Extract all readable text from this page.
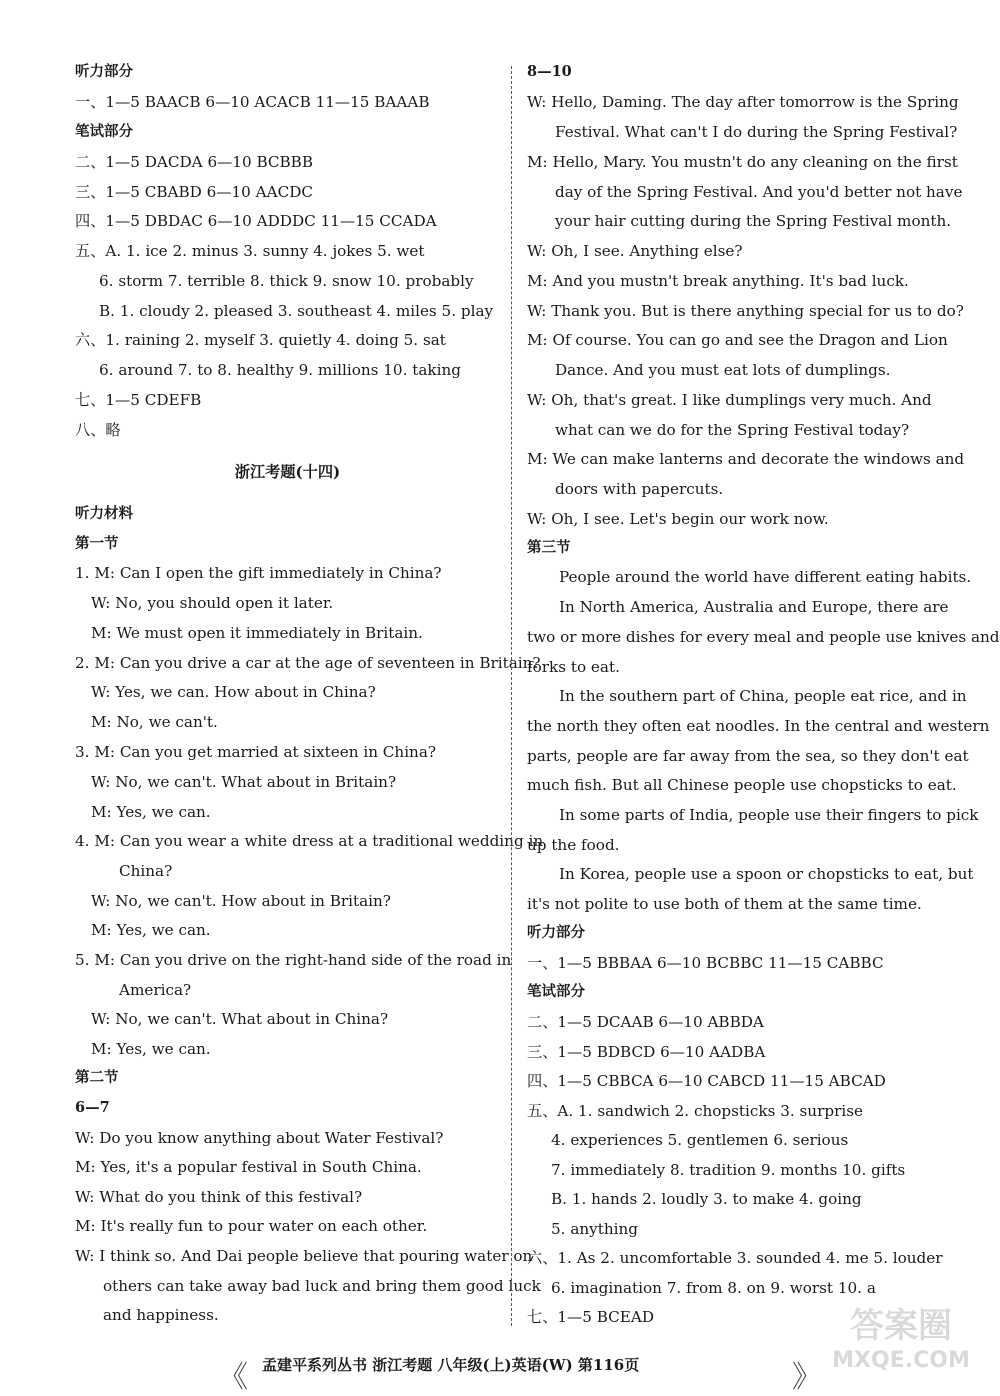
听力部分
一、1—5 BAACB 6—10 ACACB 11—15 BAAAB
笔试部分
二、1—5 DACDA 6—10 BCBBB
三、1—5 CBABD 6—10 AACDC
四、1—5 DBDAC 6—10 ADDDC 11—15 CCADA
五、A. 1. ice 2. minus 3. sunny 4. jokes 5. wet
6. storm 7. terrible 8. thick 9. snow 10. probably
B. 1. cloudy 2. pleased 3. southeast 4. miles 5. play
六、1. raining 2. myself 3. quietly 4. doing 5. sat
6. around 7. to 8. healthy 9. millions 10. taking
七、1—5 CDEFB
八、略
浙江考题(十四)
听力材料
第一节
1. M: Can I open the gift immediately in China?
W: No, you should open it later.
M: We must open it immediately in Britain.
2. M: Can you drive a car at the age of seventeen in Britain?
W: Yes, we can. How about in China?
M: No, we can't.
3. M: Can you get married at sixteen in China?
W: No, we can't. What about in Britain?
M: Yes, we can.
4. M: Can you wear a white dress at a traditional wedding in
China?
W: No, we can't. How about in Britain?
M: Yes, we can.
5. M: Can you drive on the right-hand side of the road in
America?
W: No, we can't. What about in China?
M: Yes, we can.
第二节
6—7
W: Do you know anything about Water Festival?
M: Yes, it's a popular festival in South China.
W: What do you think of this festival?
M: It's really fun to pour water on each other.
W: I think so. And Dai people believe that pouring water on
others can take away bad luck and bring them good luck
and happiness.
8—10
W: Hello, Daming. The day after tomorrow is the Spring
Festival. What can't I do during the Spring Festival?
M: Hello, Mary. You mustn't do any cleaning on the first
day of the Spring Festival. And you'd better not have
your hair cutting during the Spring Festival month.
W: Oh, I see. Anything else?
M: And you mustn't break anything. It's bad luck.
W: Thank you. But is there anything special for us to do?
M: Of course. You can go and see the Dragon and Lion
Dance. And you must eat lots of dumplings.
W: Oh, that's great. I like dumplings very much. And
what can we do for the Spring Festival today?
M: We can make lanterns and decorate the windows and
doors with papercuts.
W: Oh, I see. Let's begin our work now.
第三节
People around the world have different eating habits.
In North America, Australia and Europe, there are
two or more dishes for every meal and people use knives and
forks to eat.
In the southern part of China, people eat rice, and in
the north they often eat noodles. In the central and western
parts, people are far away from the sea, so they don't eat
much fish. But all Chinese people use chopsticks to eat.
In some parts of India, people use their fingers to pick
up the food.
In Korea, people use a spoon or chopsticks to eat, but
it's not polite to use both of them at the same time.
听力部分
一、1—5 BBBAA 6—10 BCBBC 11—15 CABBC
笔试部分
二、1—5 DCAAB 6—10 ABBDA
三、1—5 BDBCD 6—10 AADBA
四、1—5 CBBCA 6—10 CABCD 11—15 ABCAD
五、A. 1. sandwich 2. chopsticks 3. surprise
4. experiences 5. gentlemen 6. serious
7. immediately 8. tradition 9. months 10. gifts
B. 1. hands 2. loudly 3. to make 4. going
5. anything
六、1. As 2. uncomfortable 3. sounded 4. me 5. louder
6. imagination 7. from 8. on 9. worst 10. a
七、1—5 BCEAD
《 孟建平系列丛书 浙江考题 八年级(上)英语(W) 第116页	》
答案圈
MXQE.COM
